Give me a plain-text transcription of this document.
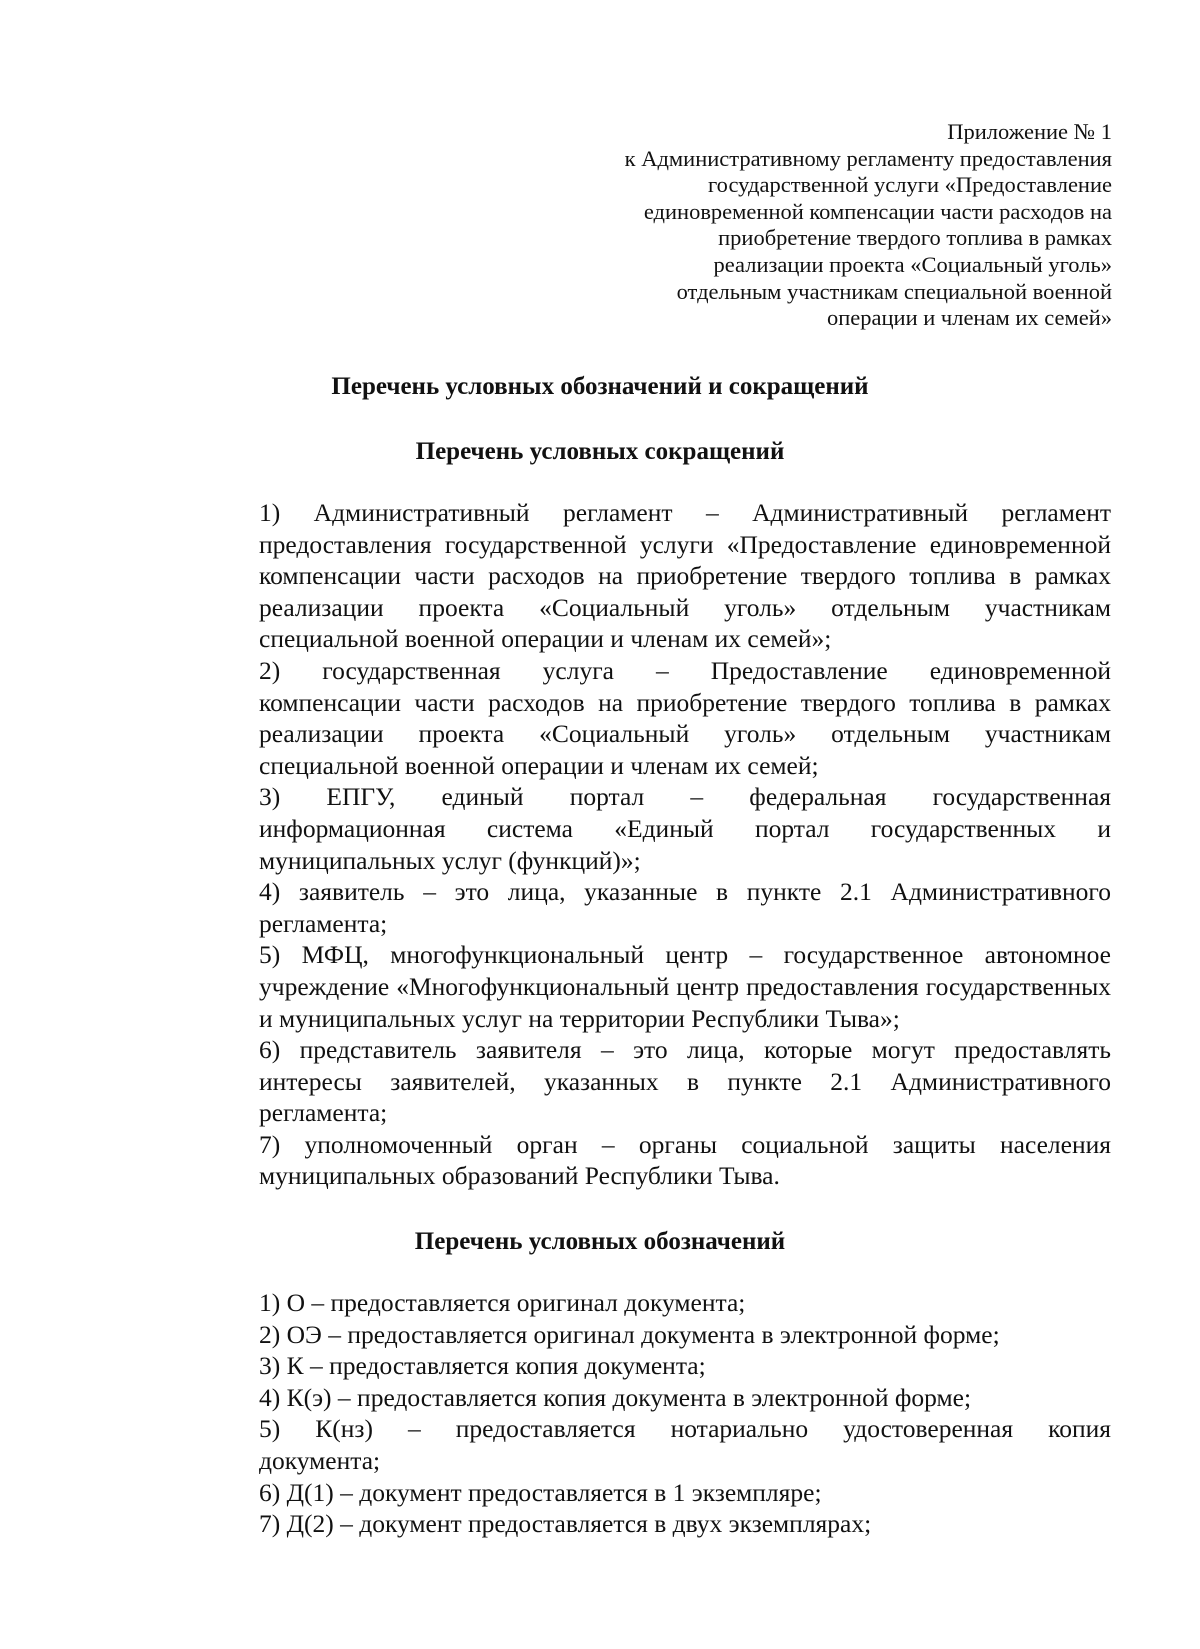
Приложение № 1
к Административному регламенту предоставления
государственной услуги «Предоставление
единовременной компенсации части расходов на
приобретение твердого топлива в рамках
реализации проекта «Социальный уголь»
отдельным участникам специальной военной
операции и членам их семей»
Перечень условных обозначений и сокращений
Перечень условных сокращений
1) Административный регламент – Административный регламент
предоставления государственной услуги «Предоставление единовременной
компенсации части расходов на приобретение твердого топлива в рамках
реализации проекта «Социальный уголь» отдельным участникам
специальной военной операции и членам их семей»;
2) государственная услуга – Предоставление единовременной
компенсации части расходов на приобретение твердого топлива в рамках
реализации проекта «Социальный уголь» отдельным участникам
специальной военной операции и членам их семей;
3) ЕПГУ, единый портал – федеральная государственная
информационная система «Единый портал государственных и
муниципальных услуг (функций)»;
4) заявитель – это лица, указанные в пункте 2.1 Административного
регламента;
5) МФЦ, многофункциональный центр – государственное автономное
учреждение «Многофункциональный центр предоставления государственных
и муниципальных услуг на территории Республики Тыва»;
6) представитель заявителя – это лица, которые могут предоставлять
интересы заявителей, указанных в пункте 2.1 Административного
регламента;
7) уполномоченный орган – органы социальной защиты населения
муниципальных образований Республики Тыва.
Перечень условных обозначений
1) О – предоставляется оригинал документа;
2) ОЭ – предоставляется оригинал документа в электронной форме;
3) К – предоставляется копия документа;
4) К(э) – предоставляется копия документа в электронной форме;
5) К(нз) – предоставляется нотариально удостоверенная копия
документа;
6) Д(1) – документ предоставляется в 1 экземпляре;
7) Д(2) – документ предоставляется в двух экземплярах;
